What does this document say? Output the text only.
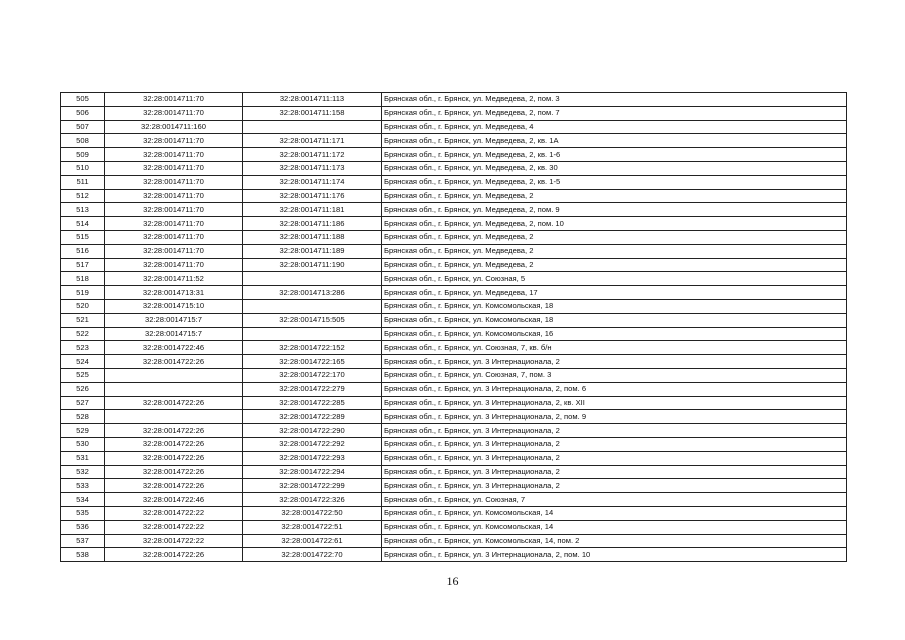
505	32:28:0014711:70	32:28:0014711:113	Брянская обл., г. Брянск, ул. Медведева, 2, пом. 3
506	32:28:0014711:70	32:28:0014711:158	Брянская обл., г. Брянск, ул. Медведева, 2, пом. 7
507	32:28:0014711:160		Брянская обл., г. Брянск, ул. Медведева, 4
508	32:28:0014711:70	32:28:0014711:171	Брянская обл., г. Брянск, ул. Медведева, 2, кв. 1А
509	32:28:0014711:70	32:28:0014711:172	Брянская обл., г. Брянск, ул. Медведева, 2, кв. 1-6
510	32:28:0014711:70	32:28:0014711:173	Брянская обл., г. Брянск, ул. Медведева, 2, кв. 30
511	32:28:0014711:70	32:28:0014711:174	Брянская обл., г. Брянск, ул. Медведева, 2, кв. 1-5
512	32:28:0014711:70	32:28:0014711:176	Брянская обл., г. Брянск, ул. Медведева, 2
513	32:28:0014711:70	32:28:0014711:181	Брянская обл., г. Брянск, ул. Медведева, 2, пом. 9
514	32:28:0014711:70	32:28:0014711:186	Брянская обл., г. Брянск, ул. Медведева, 2, пом. 10
515	32:28:0014711:70	32:28:0014711:188	Брянская обл., г. Брянск, ул. Медведева, 2
516	32:28:0014711:70	32:28:0014711:189	Брянская обл., г. Брянск, ул. Медведева, 2
517	32:28:0014711:70	32:28:0014711:190	Брянская обл., г. Брянск, ул. Медведева, 2
518	32:28:0014711:52		Брянская обл., г. Брянск, ул. Союзная, 5
519	32:28:0014713:31	32:28:0014713:286	Брянская обл., г. Брянск, ул. Медведева, 17
520	32:28:0014715:10		Брянская обл., г. Брянск, ул. Комсомольская, 18
521	32:28:0014715:7	32:28:0014715:505	Брянская обл., г. Брянск, ул. Комсомольская, 18
522	32:28:0014715:7		Брянская обл., г. Брянск, ул. Комсомольская, 16
523	32:28:0014722:46	32:28:0014722:152	Брянская обл., г. Брянск, ул. Союзная, 7, кв. б/н
524	32:28:0014722:26	32:28:0014722:165	Брянская обл., г. Брянск, ул. 3 Интернационала, 2
525		32:28:0014722:170	Брянская обл., г. Брянск, ул. Союзная, 7, пом. 3
526		32:28:0014722:279	Брянская обл., г. Брянск, ул. 3 Интернационала, 2, пом. 6
527	32:28:0014722:26	32:28:0014722:285	Брянская обл., г. Брянск, ул. 3 Интернационала, 2, кв. XII
528		32:28:0014722:289	Брянская обл., г. Брянск, ул. 3 Интернационала, 2, пом. 9
529	32:28:0014722:26	32:28:0014722:290	Брянская обл., г. Брянск, ул. 3 Интернационала, 2
530	32:28:0014722:26	32:28:0014722:292	Брянская обл., г. Брянск, ул. 3 Интернационала, 2
531	32:28:0014722:26	32:28:0014722:293	Брянская обл., г. Брянск, ул. 3 Интернационала, 2
532	32:28:0014722:26	32:28:0014722:294	Брянская обл., г. Брянск, ул. 3 Интернационала, 2
533	32:28:0014722:26	32:28:0014722:299	Брянская обл., г. Брянск, ул. 3 Интернационала, 2
534	32:28:0014722:46	32:28:0014722:326	Брянская обл., г. Брянск, ул. Союзная, 7
535	32:28:0014722:22	32:28:0014722:50	Брянская обл., г. Брянск, ул. Комсомольская, 14
536	32:28:0014722:22	32:28:0014722:51	Брянская обл., г. Брянск, ул. Комсомольская, 14
537	32:28:0014722:22	32:28:0014722:61	Брянская обл., г. Брянск, ул. Комсомольская, 14, пом. 2
538	32:28:0014722:26	32:28:0014722:70	Брянская обл., г. Брянск, ул. 3 Интернационала, 2, пом. 10
16
